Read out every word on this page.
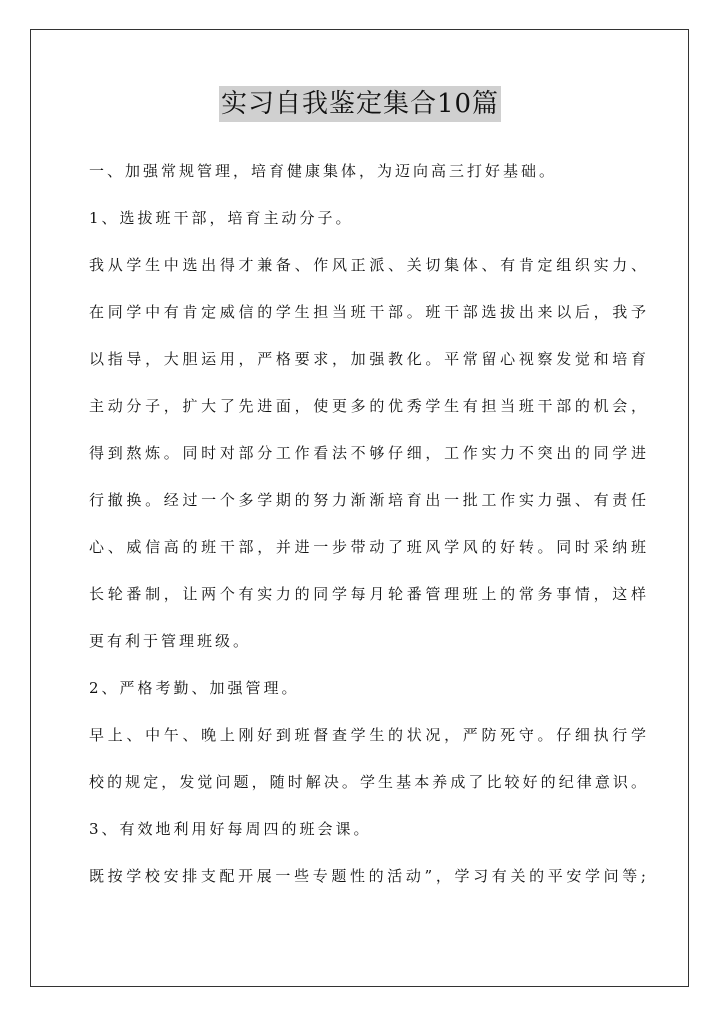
实习自我鉴定集合10篇
一、加强常规管理，培育健康集体，为迈向高三打好基础。
1、选拔班干部，培育主动分子。
我从学生中选出得才兼备、作风正派、关切集体、有肯定组织实力、
在同学中有肯定威信的学生担当班干部。班干部选拔出来以后，我予
以指导，大胆运用，严格要求，加强教化。平常留心视察发觉和培育
主动分子，扩大了先进面，使更多的优秀学生有担当班干部的机会，
得到熬炼。同时对部分工作看法不够仔细，工作实力不突出的同学进
行撤换。经过一个多学期的努力渐渐培育出一批工作实力强、有责任
心、威信高的班干部，并进一步带动了班风学风的好转。同时采纳班
长轮番制，让两个有实力的同学每月轮番管理班上的常务事情，这样
更有利于管理班级。
2、严格考勤、加强管理。
早上、中午、晚上刚好到班督查学生的状况，严防死守。仔细执行学
校的规定，发觉问题，随时解决。学生基本养成了比较好的纪律意识。
3、有效地利用好每周四的班会课。
既按学校安排支配开展一些专题性的活动”，学习有关的平安学问等;
